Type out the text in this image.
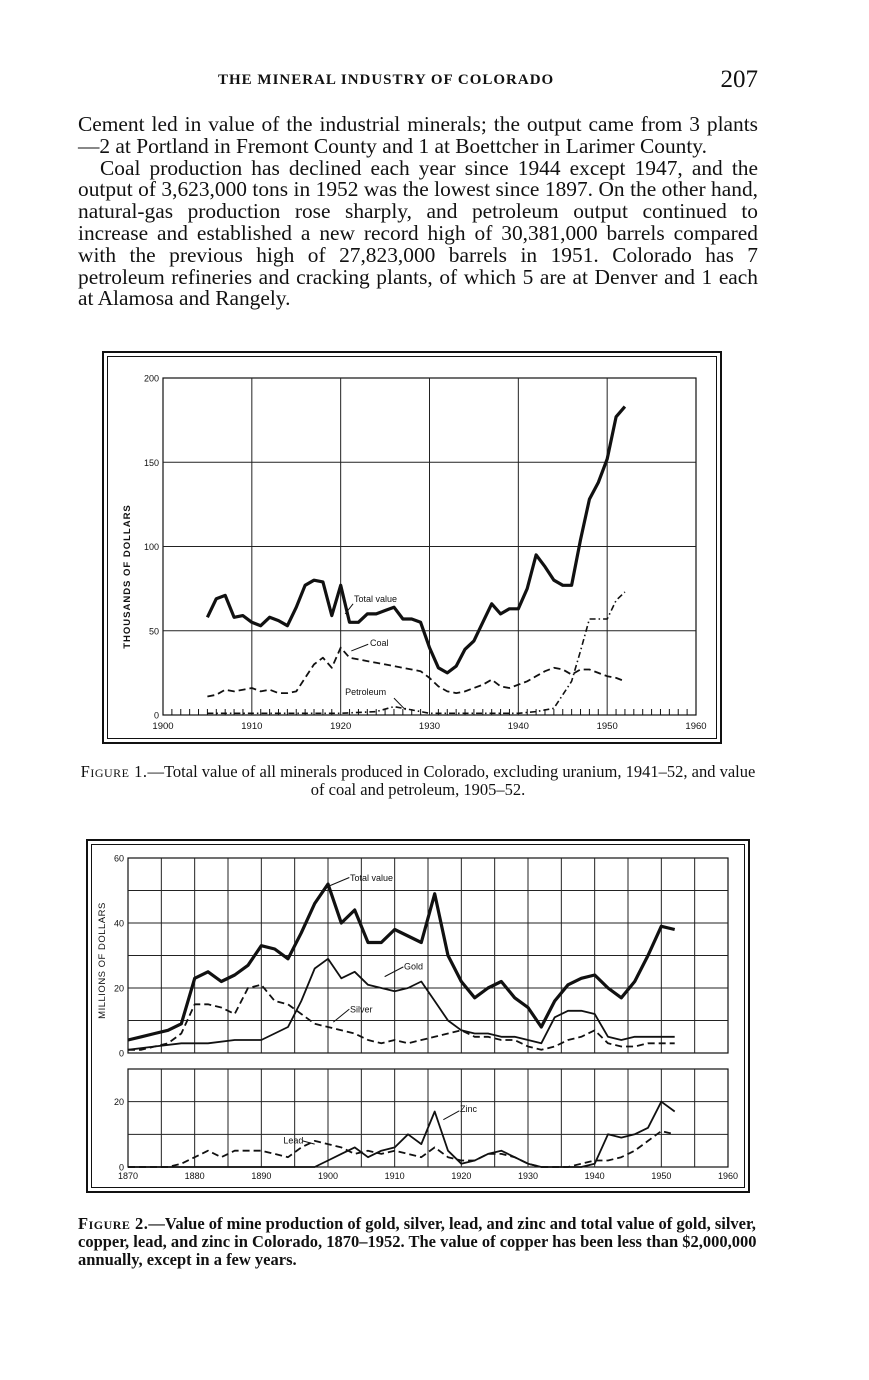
THE MINERAL INDUSTRY OF COLORADO	207

Cement led in value of the industrial minerals; the output came from 3 plants—2 at Portland in Fremont County and 1 at Boettcher in Larimer County.

Coal production has declined each year since 1944 except 1947, and the output of 3,623,000 tons in 1952 was the lowest since 1897. On the other hand, natural-gas production rose sharply, and petroleum output continued to increase and established a new record high of 30,381,000 barrels compared with the previous high of 27,823,000 barrels in 1951. Colorado has 7 petroleum refineries and cracking plants, of which 5 are at Denver and 1 each at Alamosa and Rangely.

0
50
100
150
200
1900	1910	1920	1930	1940	1950	1960
THOUSANDS OF DOLLARS	Total value
Coal
Petroleum
Figure 1.—Total value of all minerals produced in Colorado, excluding uranium, 1941–52, and value of coal and petroleum, 1905–52.
0
20
40
60
0
20
1870	1880	1890	1900	1910	1920	1930	1940	1950	1960
MILLIONS OF DOLLARS
Total value
Gold
Silver
Zinc
Lead
Figure 2.—Value of mine production of gold, silver, lead, and zinc and total value of gold, silver, copper, lead, and zinc in Colorado, 1870–1952. The value of copper has been less than $2,000,000 annually, except in a few years.
